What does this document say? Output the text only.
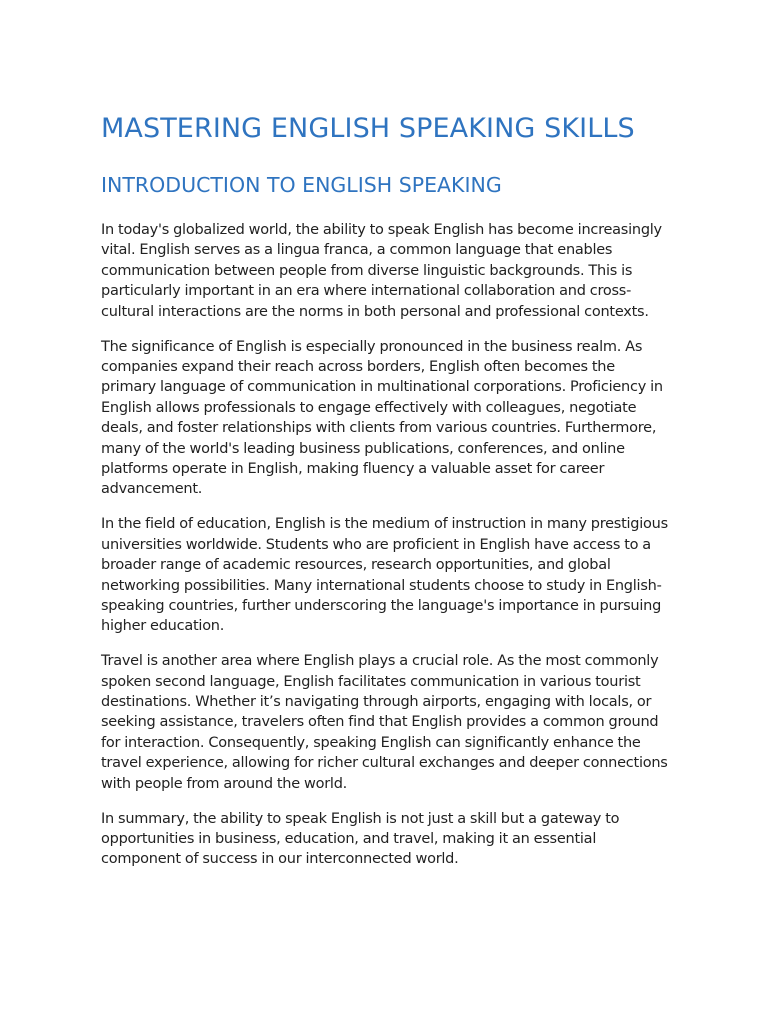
MASTERING ENGLISH SPEAKING SKILLS
INTRODUCTION TO ENGLISH SPEAKING

In today's globalized world, the ability to speak English has become increasingly vital. English serves as a lingua franca, a common language that enables communication between people from diverse linguistic backgrounds. This is particularly important in an era where international collaboration and cross-cultural interactions are the norms in both personal and professional contexts.

The significance of English is especially pronounced in the business realm. As companies expand their reach across borders, English often becomes the primary language of communication in multinational corporations. Proficiency in English allows professionals to engage effectively with colleagues, negotiate deals, and foster relationships with clients from various countries. Furthermore, many of the world's leading business publications, conferences, and online platforms operate in English, making fluency a valuable asset for career advancement.

In the field of education, English is the medium of instruction in many prestigious universities worldwide. Students who are proficient in English have access to a broader range of academic resources, research opportunities, and global networking possibilities. Many international students choose to study in English-speaking countries, further underscoring the language's importance in pursuing higher education.

Travel is another area where English plays a crucial role. As the most commonly spoken second language, English facilitates communication in various tourist destinations. Whether it’s navigating through airports, engaging with locals, or seeking assistance, travelers often find that English provides a common ground for interaction. Consequently, speaking English can significantly enhance the travel experience, allowing for richer cultural exchanges and deeper connections with people from around the world.

In summary, the ability to speak English is not just a skill but a gateway to opportunities in business, education, and travel, making it an essential component of success in our interconnected world.
